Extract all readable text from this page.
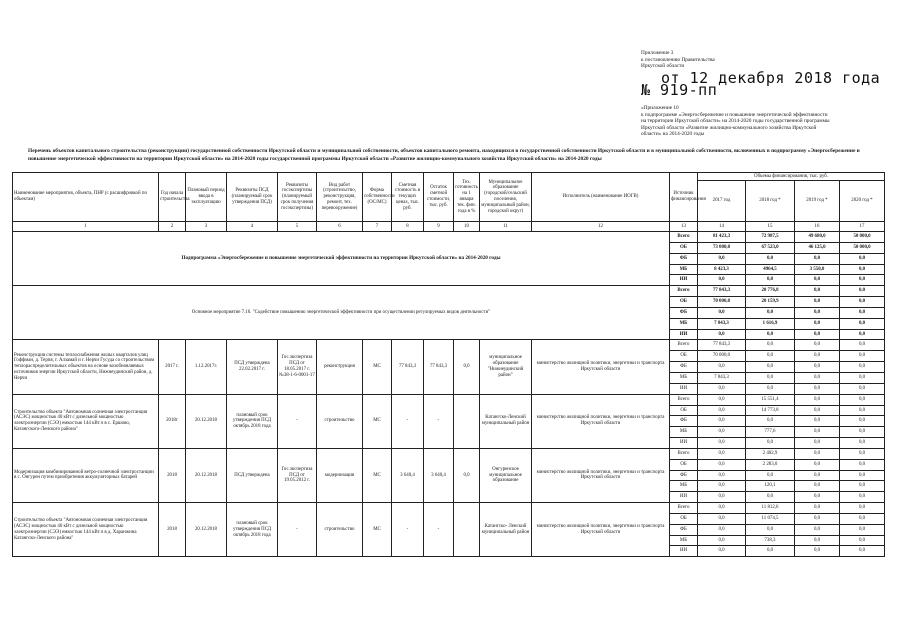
Приложение 3
к постановлению Правительства
Иркутской области
от 12 декабря 2018 года
№ 919-пп
«Приложение 10
к подпрограмме «Энергосбережение и повышение энергетической эффективности
на территории Иркутской области» на 2014-2020 годы государственной программы
Иркутской области «Развитие жилищно-коммунального хозяйства Иркутской
области» на 2014-2020 годы
Перечень объектов капитального строительства (реконструкции) государственной собственности Иркутской области и муниципальной собственности, объектов капитального ремонта, находящихся в государственной собственности Иркутской области и в муниципальной собственности, включенных в подпрограмму «Энергосбережение и повышение энергетической эффективности на территории Иркутской области» на 2014-2020 годы государственной программы Иркутской области «Развитие жилищно-коммунального хозяйства Иркутской области» на 2014-2020 годы
Наименование мероприятия, объекта, ПНР (с расшифровкой по объектам)	Год начала строительства	Плановый период ввода в эксплуатацию	Реквизиты ПСД (планируемый срок утверждения ПСД)	Реквизиты госэкспертизы (планируемый срок получения госэкспертизы)	Вид работ (строительство, реконструкция, ремонт, тех. перевооружение)	Форма собственности (ОС/МС)	Сметная стоимость в текущих ценах, тыс. руб.	Остаток сметной стоимости, тыс. руб.	Тех. готовность на 1 января тек. фин. года в %	Муниципальное образование (городской/сельский поселения, муниципальный район, городской округ)	Исполнитель (наименование ИОГВ)	Источник финансирования	Объемы финансирования, тыс. руб.
2017 год 2018 год * 2019 год * 2020 год *			

1	2	3	4	5	6	7	8	9	10	11	12	13	14	15	16	17
Подпрограмма «Энергосбережение и повышение энергетической эффективности на территории Иркутской области» на 2014-2020 годы												Всего	81 423,3	72 987,5	49 680,0	50 000,0
												ОБ	73 000,0	67 523,0	46 125,0	50 000,0
												ФБ	0,0	0,0	0,0	0,0
												МБ	8 423,3	4964,5	3 550,0	0,0
												ИИ	0,0	0,0	0,0	0,0
Основное мероприятие 7.16. "Содействие повышению энергетической эффективности при осуществлении регулируемых видов деятельности"												Всего	77 843,3	20 776,8	0,0	0,0
												ОБ	70 000,0	20 159,9	0,0	0,0
												ФБ	0,0	0,0	0,0	0,0
												МБ	7 843,3	1 616,9	0,0	0,0
												ИИ	0,0	0,0	0,0	0,0
Реконструкция системы теплоснабжения жилых кварталов улиц Гоффман, д. Терпя, г. Алзамай и г. Нерчи Гусуда со строительством теплораспределительных объектов на основе возобновляемых источников энергии Иркутской области, Нижнеудинский район, д. Нерчи	2017 г.	1.12.2017г.	ПСД утверждена 22.02.2017 г.	Гос.экспертиза ПСД от 18.05.2017 г. №38-1-6-0001-17	реконструкция	МС	77 843,3	77 843,3	0,0	муниципальное образование "Нижнеудинский район"	министерство жилищной политики, энергетики и транспорта Иркутской области	Всего	77 843,3	0,0	0,0	0,0
												ОБ	70 000,0	0,0	0,0	0,0
												ФБ	0,0	0,0	0,0	0,0
												МБ	7 843,3	0,0	0,0	0,0
												ИИ	0,0	0,0	0,0	0,0
Строительство объекта "Автономная солнечная электростанция (АСЭС) мощностью 40 кВт с дизельной мощностью электроэнергии (СЭЭ) емкостью 144 кВт.ч в с. Ершово, Катангского-Ленского района"	2018г	20.12.2018	плановый срок утверждения ПСД октябрь 2018 года	-	строительство	МС	-	-		Катангско-Ленский муниципальный район	министерство жилищной политики, энергетики и транспорта Иркутской области	Всего	0,0	15 551,4	0,0	0,0
												ОБ	0,0	14 773,8	0,0	0,0
												ФБ	0,0	0,0	0,0	0,0
												МБ	0,0	777,6	0,0	0,0
												ИИ	0,0	0,0	0,0	0,0
Модернизация комбинированной ветро-солнечной электростанции в с. Онгурен путем приобретения аккумуляторных батарей	2018	20.12.2018	ПСД утверждена	Гос.экспертиза ПСД от 19.05.2012 г.	модернизация	МС	3 640,4	3 640,4	0,0	Онгуренское муниципальное образование	министерство жилищной политики, энергетики и транспорта Иркутской области	Всего	0,0	2 402,9	0,0	0,0
												ОБ	0,0	2 283,0	0,0	0,0
												ФБ	0,0	0,0	0,0	0,0
												МБ	0,0	120,1	0,0	0,0
												ИИ	0,0	0,0	0,0	0,0
Строительство объекта "Автономная солнечная электростанция (АСЭС) мощностью 40 кВт с дизельной мощностью электроэнергии (СЭЭ) емкостью 144 кВт.ч в д. Харанжина Катангско-Ленского района"	2018	20.12.2018	плановый срок утверждения ПСД октябрь 2018 года	-	строительство	МС	-	-		Катангско- Ленский муниципальный район	министерство жилищной политики, энергетики и транспорта Иркутской области	Всего	0,0	11 812,6	0,0	0,0
												ОБ	0,0	11 074,5	0,0	0,0
												ФБ	0,0	0,0	0,0	0,0
												МБ	0,0	738,3	0,0	0,0
												ИИ	0,0	0,0	0,0	0,0
